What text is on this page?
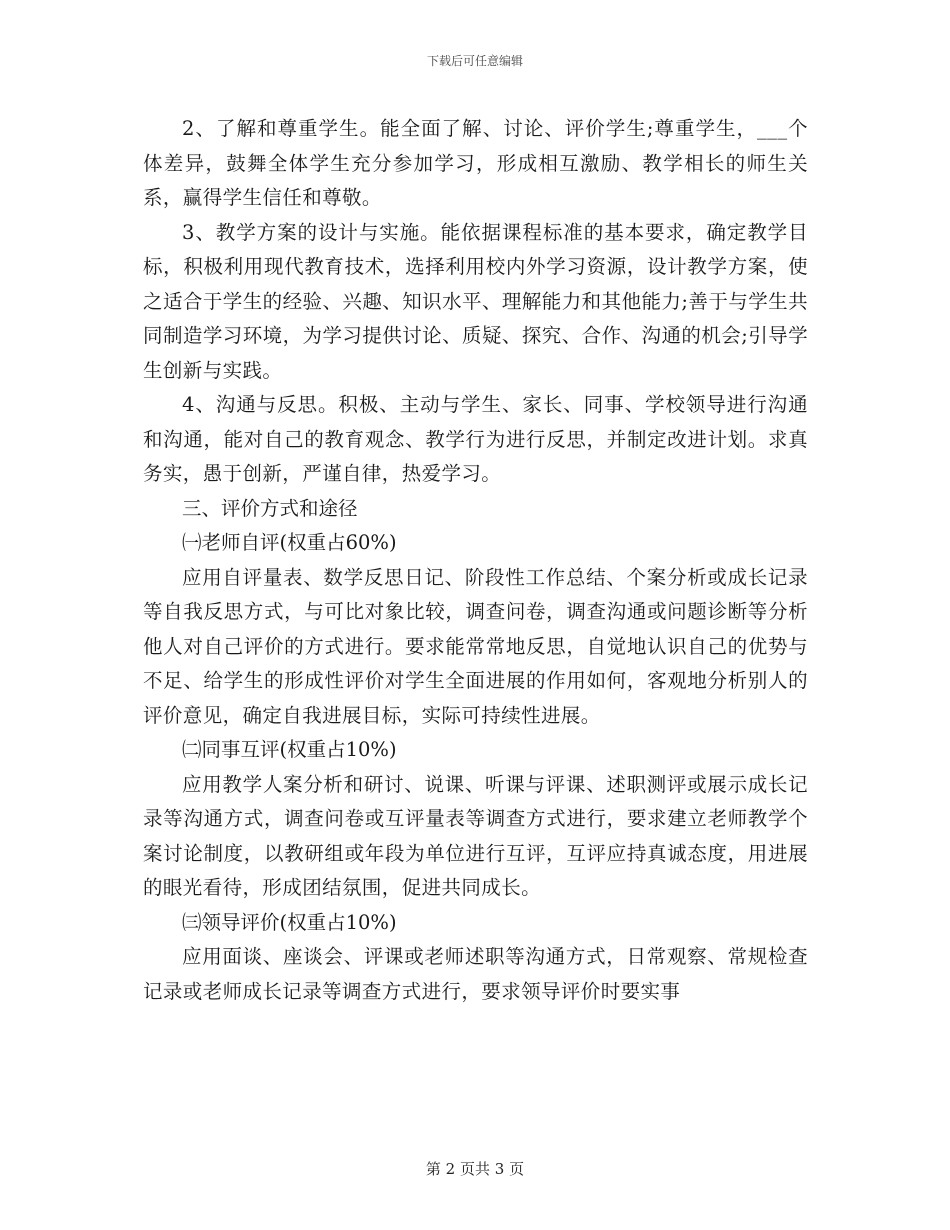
下载后可任意编辑

2、了解和尊重学生。能全面了解、讨论、评价学生;尊重学生，___个体差异，鼓舞全体学生充分参加学习，形成相互激励、教学相长的师生关系，赢得学生信任和尊敬。

3、教学方案的设计与实施。能依据课程标准的基本要求，确定教学目标，积极利用现代教育技术，选择利用校内外学习资源，设计教学方案，使之适合于学生的经验、兴趣、知识水平、理解能力和其他能力;善于与学生共同制造学习环境，为学习提供讨论、质疑、探究、合作、沟通的机会;引导学生创新与实践。

4、沟通与反思。积极、主动与学生、家长、同事、学校领导进行沟通和沟通，能对自己的教育观念、教学行为进行反思，并制定改进计划。求真务实，愚于创新，严谨自律，热爱学习。

三、评价方式和途径

㈠老师自评(权重占60%)

应用自评量表、数学反思日记、阶段性工作总结、个案分析或成长记录等自我反思方式，与可比对象比较，调查问卷，调查沟通或问题诊断等分析他人对自己评价的方式进行。要求能常常地反思，自觉地认识自己的优势与不足、给学生的形成性评价对学生全面进展的作用如何，客观地分析别人的评价意见，确定自我进展目标，实际可持续性进展。

㈡同事互评(权重占10%)

应用教学人案分析和研讨、说课、听课与评课、述职测评或展示成长记录等沟通方式，调查问卷或互评量表等调查方式进行，要求建立老师教学个案讨论制度，以教研组或年段为单位进行互评，互评应持真诚态度，用进展的眼光看待，形成团结氛围，促进共同成长。

㈢领导评价(权重占10%)

应用面谈、座谈会、评课或老师述职等沟通方式，日常观察、常规检查记录或老师成长记录等调查方式进行，要求领导评价时要实事

第 2 页共 3 页
